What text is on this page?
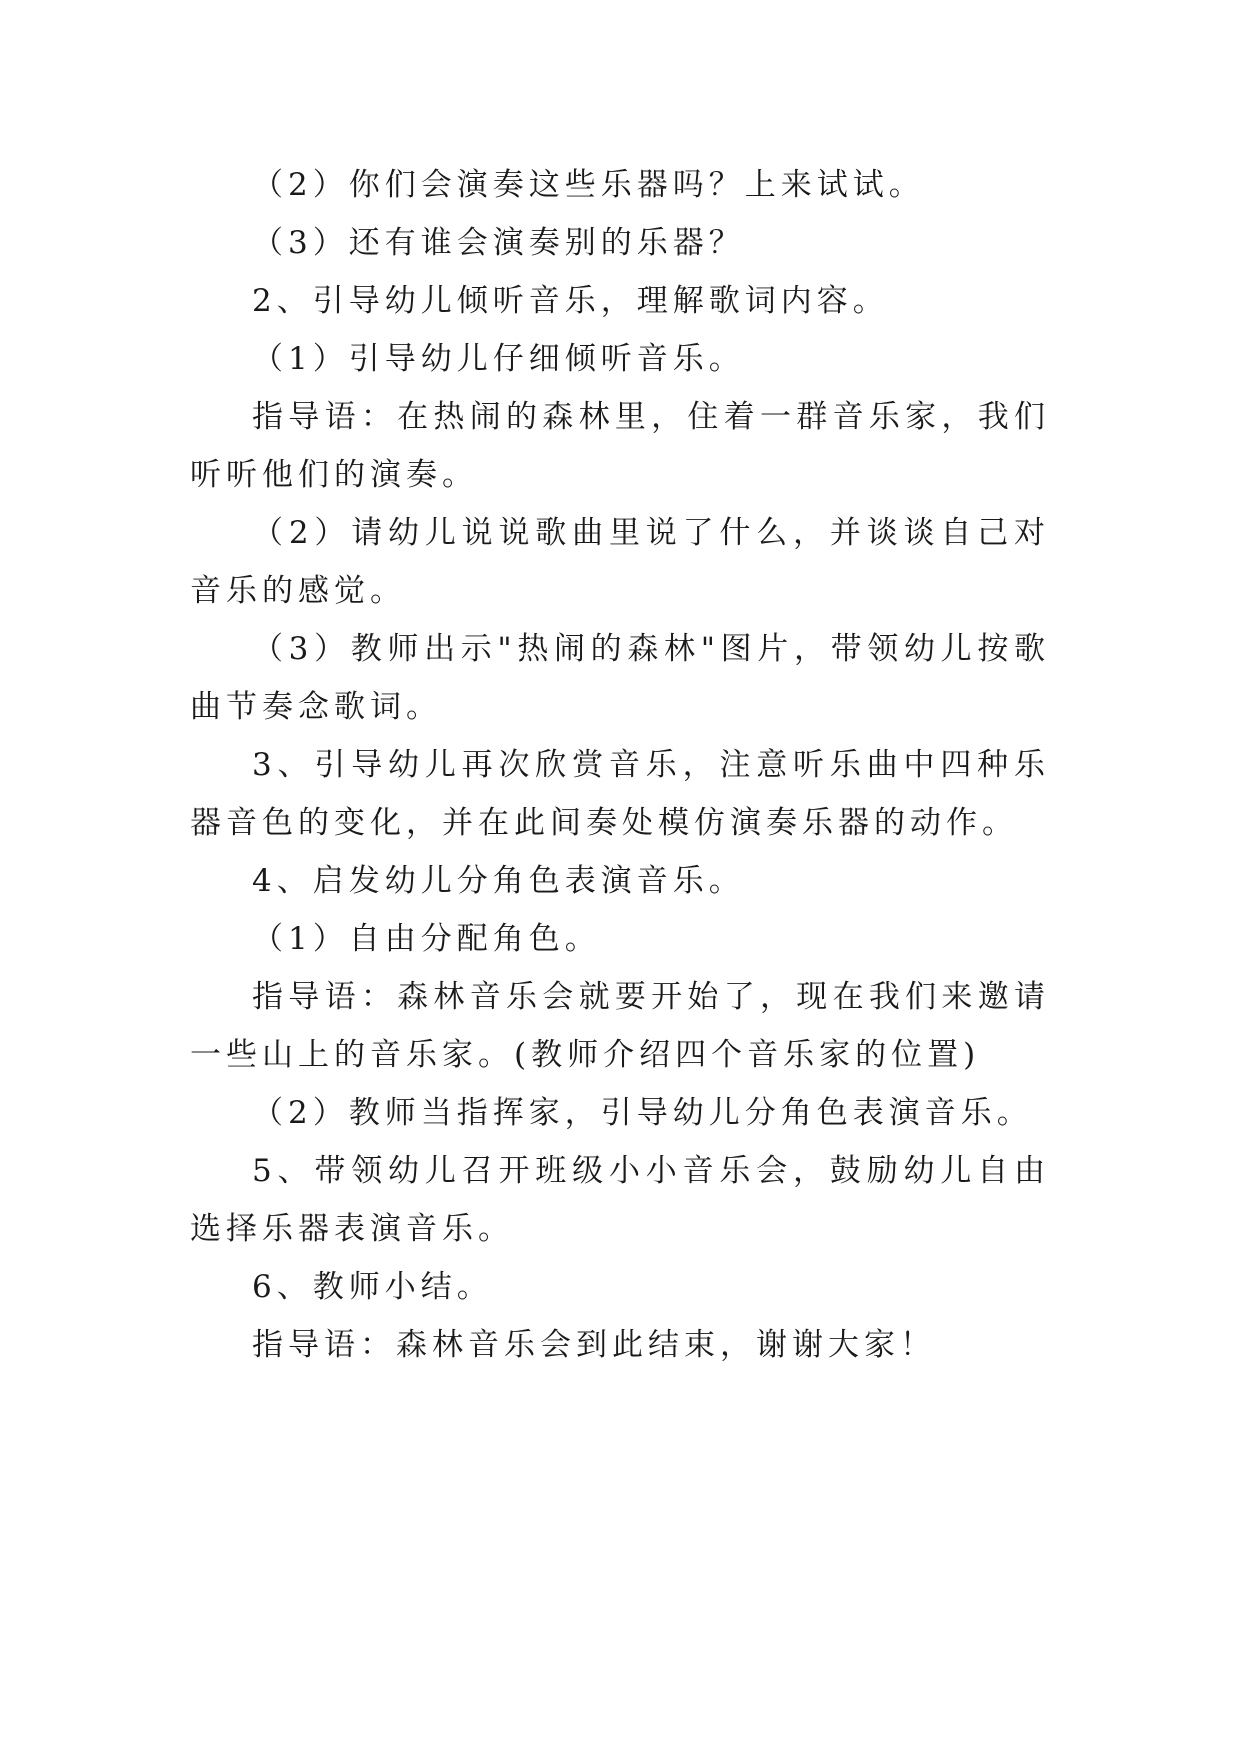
（2）你们会演奏这些乐器吗？上来试试。

（3）还有谁会演奏别的乐器？

2、引导幼儿倾听音乐，理解歌词内容。

（1）引导幼儿仔细倾听音乐。

指导语：在热闹的森林里，住着一群音乐家，我们听听他们的演奏。

（2）请幼儿说说歌曲里说了什么，并谈谈自己对音乐的感觉。

（3）教师出示"热闹的森林"图片，带领幼儿按歌曲节奏念歌词。

3、引导幼儿再次欣赏音乐，注意听乐曲中四种乐器音色的变化，并在此间奏处模仿演奏乐器的动作。

4、启发幼儿分角色表演音乐。

（1）自由分配角色。

指导语：森林音乐会就要开始了，现在我们来邀请一些山上的音乐家。(教师介绍四个音乐家的位置)

（2）教师当指挥家，引导幼儿分角色表演音乐。

5、带领幼儿召开班级小小音乐会，鼓励幼儿自由选择乐器表演音乐。

6、教师小结。

指导语：森林音乐会到此结束，谢谢大家！
